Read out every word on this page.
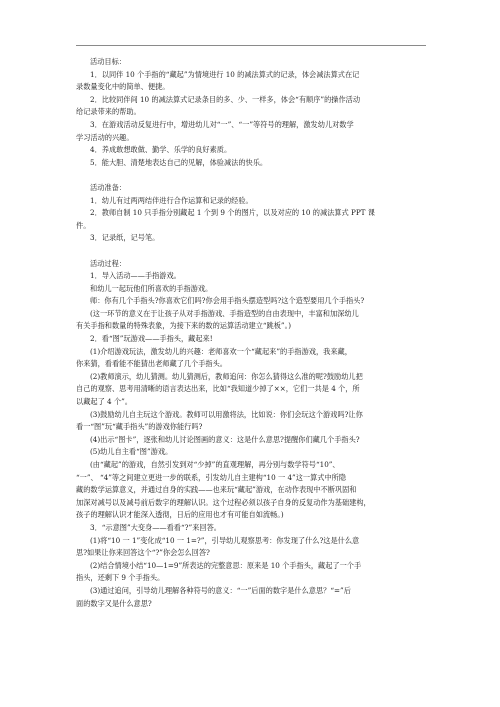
活动目标：
1．以同伴 10 个手指的“藏起”为情境进行 10 的减法算式的记录，体会减法算式在记
录数量变化中的简单、便捷。
2．比较同伴间 10 的减法算式记录条目的多、少、一样多，体会“有顺序”的操作活动
给记录带来的帮助。
3．在游戏活动反复进行中，增进幼儿对“一”、“一”等符号的理解，激发幼儿对数学
学习活动的兴趣。
4．养成敢想敢做、勤学、乐学的良好素质。
5．能大胆、清楚地表达自己的见解，体验减法的快乐。
活动准备：
1．幼儿有过两两结伴进行合作运算和记录的经验。
2．教师自制 10 只手指分别藏起 1 个到 9 个的图片，以及对应的 10 的减法算式 PPT 课
件。
3．记录纸，记号笔。
活动过程：
1．导入活动——手指游戏。
和幼儿一起玩他们所喜欢的手指游戏。
师：你有几个手指头?你喜欢它们吗?你会用手指头摆造型吗?这个造型要用几个手指头?
(这一环节的意义在于让孩子从对手指游戏、手指造型的自由表现中，丰富和加深幼儿
有关手指和数量的特殊表象，为接下来的数的运算活动建立“跳板”。)
2．看“图”玩游戏——手指头，藏起来!
(1)介绍游戏玩法，激发幼儿的兴趣：老师喜欢一个“藏起来”的手指游戏，我来藏，
你来猜，看看能不能猜出老师藏了几个手指头。
(2)教师演示，幼儿猜测。幼儿猜测后，教师追问：你怎么猜得这么准的呢?鼓励幼儿把
自己的观察、思考用清晰的语言表达出来，比如“我知道少掉了××，它们一共是 4 个，所
以藏起了 4 个”。
(3)鼓励幼儿自主玩这个游戏。教师可以用激将法，比如说：你们会玩这个游戏吗?让你
看一“图”玩“藏手指头”的游戏你能行吗?
(4)出示“图卡”，逐张和幼儿讨论图画的意义：这是什么意思?提醒你们藏几个手指头?
(5)幼儿自主看“图”游戏。
(由“藏起”的游戏，自然引发到对“少掉”的直观理解，再分别与数学符号“10”、
“一”、 “4”等之间建立更进一步的联系，引发幼儿自主建构“10 一 4”这一算式中所隐
藏的数学运算意义，并通过自身的实践——也来玩“藏起”游戏，在动作表现中不断巩固和
加深对减号以及减号前后数字的理解认识。这个过程必须以孩子自身的反复动作为基础建构，
孩子的理解认识才能深入透彻，日后的应用也才有可能自如流畅。)
3．“示意图”大变身——看看“?”来回答。
(1)将“10 一 1”变化成“10 一 1=?”，引导幼儿观察思考：你发现了什么?这是什么意
思?如果让你来回答这个“?”你会怎么回答?
(2)结合情境小结“10—1=9”所表达的完整意思：原来是 10 个手指头，藏起了一个手
指头，还剩下 9 个手指头。
(3)通过追问，引导幼儿理解各种符号的意义：“一”后面的数字是什么意思？“=”后
面的数字又是什么意思?
